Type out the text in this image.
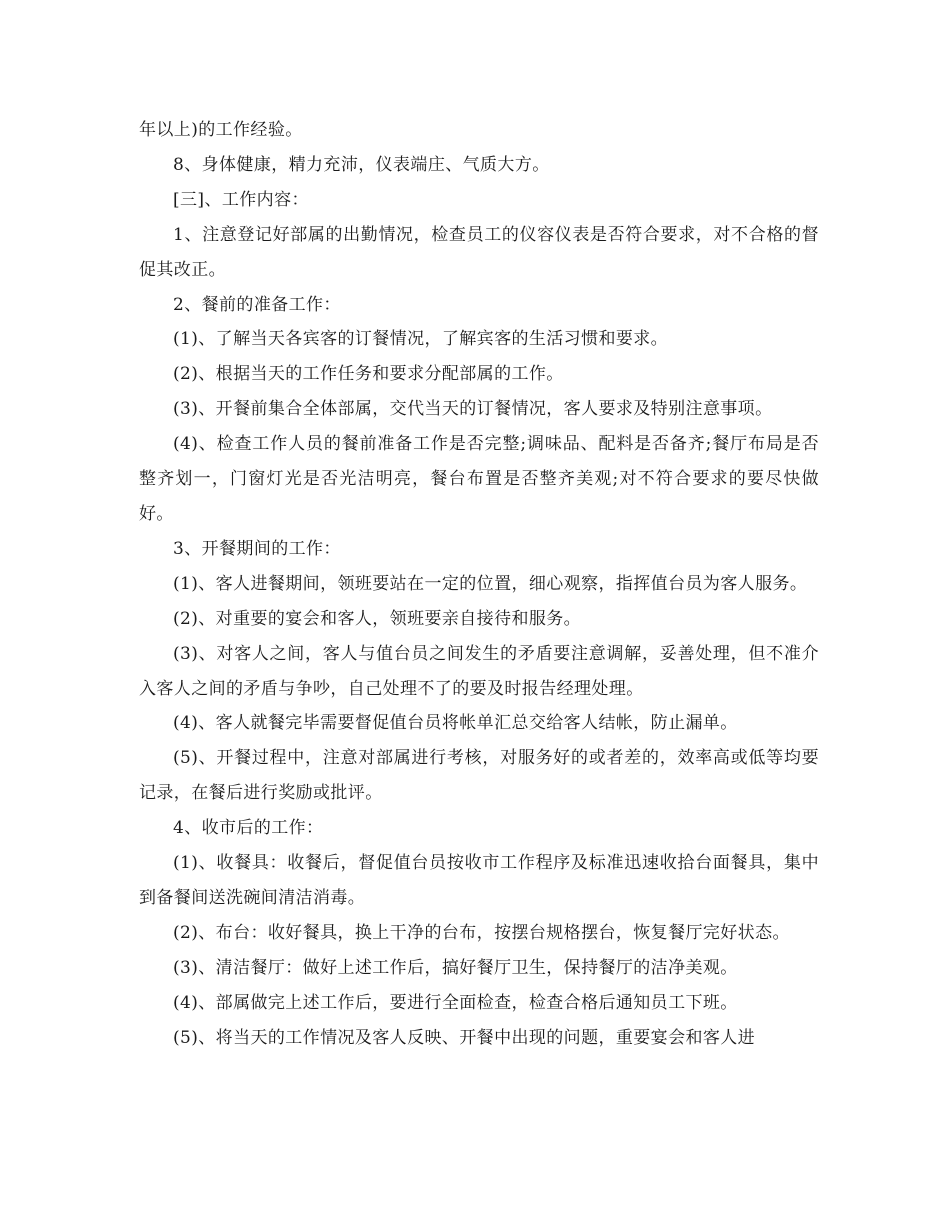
年以上)的工作经验。

8、身体健康，精力充沛，仪表端庄、气质大方。

[三]、工作内容：

1、注意登记好部属的出勤情况，检查员工的仪容仪表是否符合要求，对不合格的督促其改正。

2、餐前的准备工作：

(1)、了解当天各宾客的订餐情况，了解宾客的生活习惯和要求。

(2)、根据当天的工作任务和要求分配部属的工作。

(3)、开餐前集合全体部属，交代当天的订餐情况，客人要求及特别注意事项。

(4)、检查工作人员的餐前准备工作是否完整;调味品、配料是否备齐;餐厅布局是否整齐划一，门窗灯光是否光洁明亮，餐台布置是否整齐美观;对不符合要求的要尽快做好。

3、开餐期间的工作：

(1)、客人进餐期间，领班要站在一定的位置，细心观察，指挥值台员为客人服务。

(2)、对重要的宴会和客人，领班要亲自接待和服务。

(3)、对客人之间，客人与值台员之间发生的矛盾要注意调解，妥善处理，但不准介入客人之间的矛盾与争吵，自己处理不了的要及时报告经理处理。

(4)、客人就餐完毕需要督促值台员将帐单汇总交给客人结帐，防止漏单。

(5)、开餐过程中，注意对部属进行考核，对服务好的或者差的，效率高或低等均要记录，在餐后进行奖励或批评。

4、收市后的工作：

(1)、收餐具：收餐后，督促值台员按收市工作程序及标准迅速收拾台面餐具，集中到备餐间送洗碗间清洁消毒。

(2)、布台：收好餐具，换上干净的台布，按摆台规格摆台，恢复餐厅完好状态。

(3)、清洁餐厅：做好上述工作后，搞好餐厅卫生，保持餐厅的洁净美观。

(4)、部属做完上述工作后，要进行全面检查，检查合格后通知员工下班。

(5)、将当天的工作情况及客人反映、开餐中出现的问题，重要宴会和客人进
